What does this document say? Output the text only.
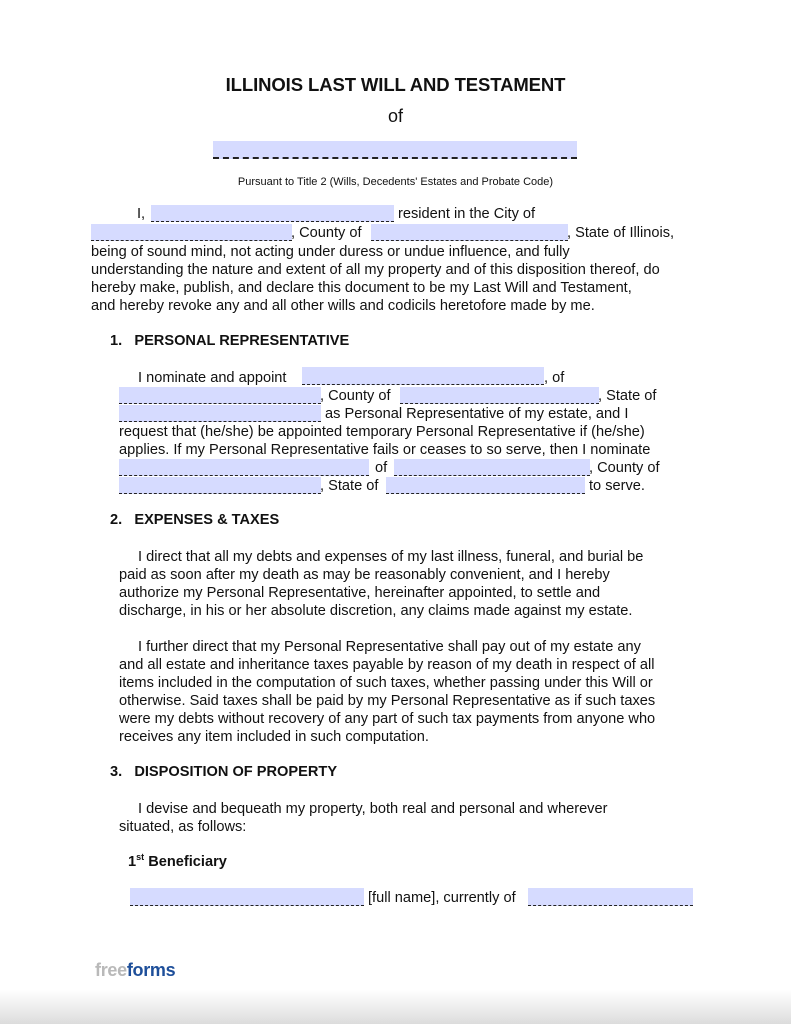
ILLINOIS LAST WILL AND TESTAMENT
of
Pursuant to Title 2 (Wills, Decedents' Estates and Probate Code)
I,	resident in the City of
, County of	, State of Illinois,
being of sound mind, not acting under duress or undue influence, and fully
understanding the nature and extent of all my property and of this disposition thereof, do
hereby make, publish, and declare this document to be my Last Will and Testament,
and hereby revoke any and all other wills and codicils heretofore made by me.
1.   PERSONAL REPRESENTATIVE
I nominate and appoint	, of
, County of	, State of
as Personal Representative of my estate, and I
request that (he/she) be appointed temporary Personal Representative if (he/she)
applies. If my Personal Representative fails or ceases to so serve, then I nominate
of	, County of
, State of	to serve.
2.   EXPENSES & TAXES
I direct that all my debts and expenses of my last illness, funeral, and burial be
paid as soon after my death as may be reasonably convenient, and I hereby
authorize my Personal Representative, hereinafter appointed, to settle and
discharge, in his or her absolute discretion, any claims made against my estate.
I further direct that my Personal Representative shall pay out of my estate any
and all estate and inheritance taxes payable by reason of my death in respect of all
items included in the computation of such taxes, whether passing under this Will or
otherwise. Said taxes shall be paid by my Personal Representative as if such taxes
were my debts without recovery of any part of such tax payments from anyone who
receives any item included in such computation.
3.   DISPOSITION OF PROPERTY
I devise and bequeath my property, both real and personal and wherever
situated, as follows:
1st Beneficiary
[full name], currently of
freeforms
